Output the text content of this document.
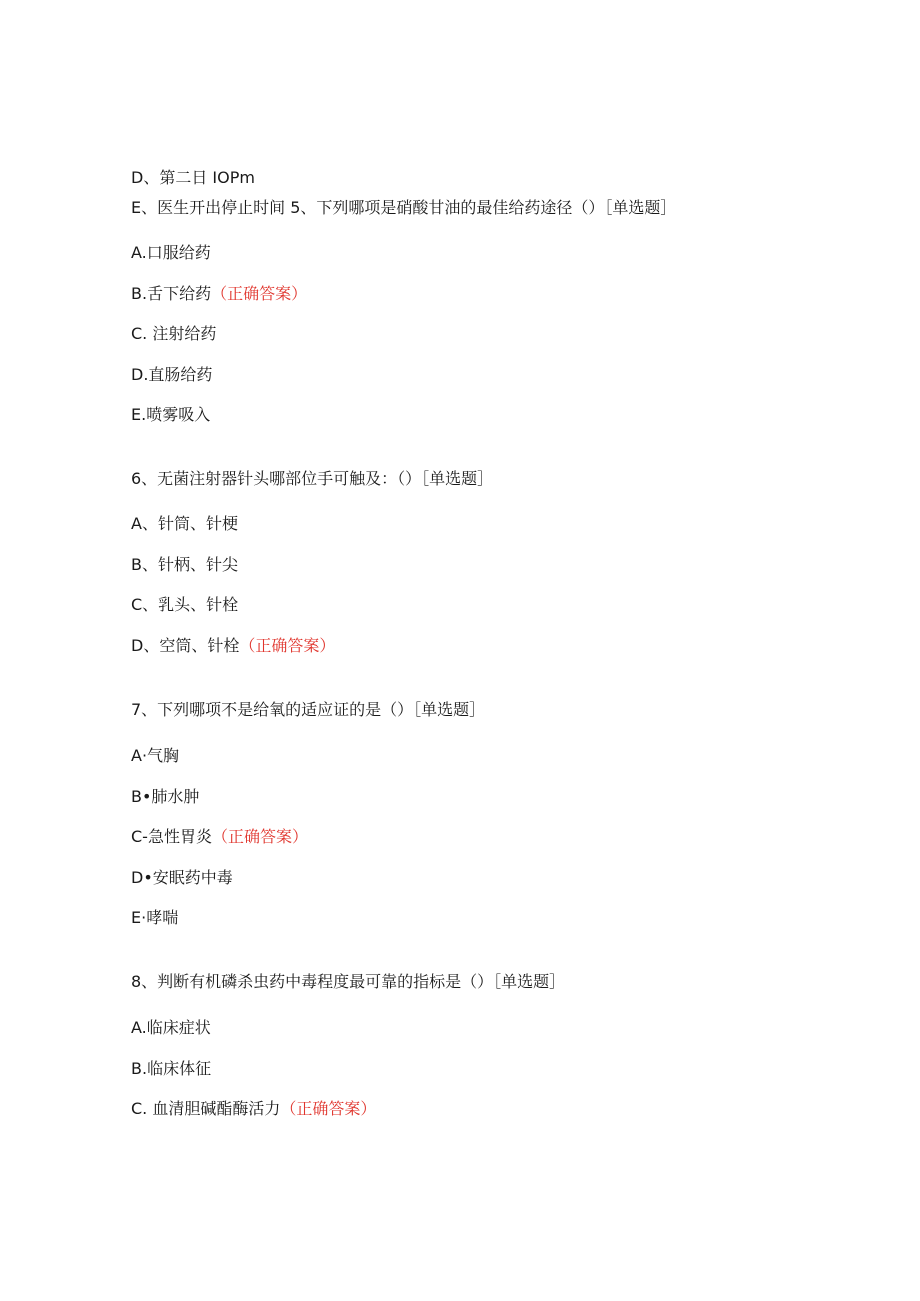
D、第二日 IOPm
E、医生开出停止时间 5、下列哪项是硝酸甘油的最佳给药途径（）［单选题］
A.口服给药
B.舌下给药（正确答案）
C. 注射给药
D.直肠给药
E.喷雾吸入
6、无菌注射器针头哪部位手可触及：（）［单选题］
A、针筒、针梗
B、针柄、针尖
C、乳头、针栓
D、空筒、针栓（正确答案）
7、下列哪项不是给氧的适应证的是（）［单选题］
A·气胸
B•肺水肿
C-急性胃炎（正确答案）
D•安眠药中毒
E·哮喘
8、判断有机磷杀虫药中毒程度最可靠的指标是（）［单选题］
A.临床症状
B.临床体征
C. 血清胆碱酯酶活力（正确答案）
